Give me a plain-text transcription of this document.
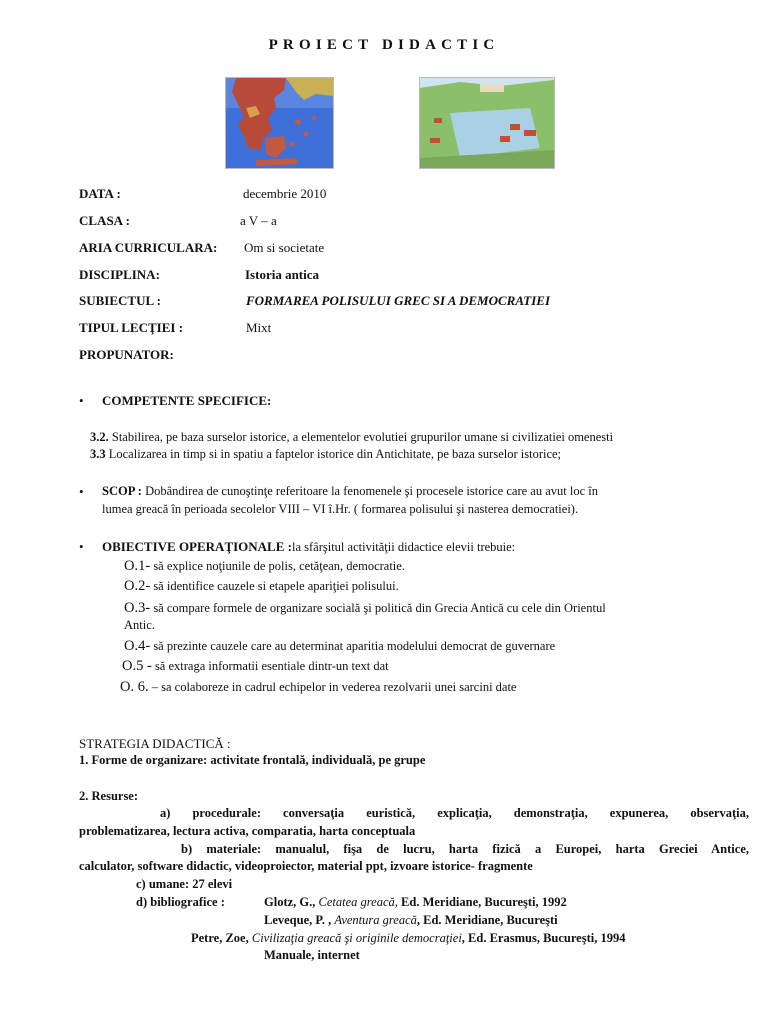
PROIECT DIDACTIC
DATA :	decembrie 2010
CLASA :	a V – a
ARIA CURRICULARA: Om si societate
DISCIPLINA:	Istoria antica
SUBIECTUL :	FORMAREA POLISULUI GREC SI A DEMOCRATIEI
TIPUL LECŢIEI :	Mixt
PROPUNATOR:
• COMPETENTE SPECIFICE:
3.2. Stabilirea, pe baza surselor istorice, a elementelor evolutiei grupurilor umane si civilizatiei omenesti
3.3 Localizarea in timp si in spatiu a faptelor istorice din Antichitate, pe baza surselor istorice;
• SCOP : Dobândirea de cunoştinţe referitoare la fenomenele şi procesele istorice care au avut loc în
lumea greacă în perioada secolelor VIII – VI î.Hr. ( formarea polisului şi nasterea democratiei).
• OBIECTIVE OPERAŢIONALE :la sfârşitul activităţii didactice elevii trebuie:
O.1- să explice noţiunile de polis, cetăţean, democratie.
O.2- să identifice cauzele si etapele apariţiei polisului.
O.3- să compare formele de organizare socială şi politică din Grecia Antică cu cele din Orientul
Antic.
O.4- să prezinte cauzele care au determinat aparitia modelului democrat de guvernare
O.5 - să extraga informatii esentiale dintr-un text dat
O. 6. – sa colaboreze in cadrul echipelor in vederea rezolvarii unei sarcini date
STRATEGIA DIDACTICĂ :
1. Forme de organizare: activitate frontală, individuală, pe grupe
2. Resurse:
a) procedurale: conversaţia euristică, explicaţia, demonstraţia, expunerea, observaţia,
problematizarea, lectura activa, comparatia, harta conceptuala
b) materiale: manualul, fişa de lucru, harta fizică a Europei, harta Greciei Antice,
calculator, software didactic, videoproiector, material ppt, izvoare istorice- fragmente
c) umane: 27 elevi
d) bibliografice :	Glotz, G., Cetatea greacă, Ed. Meridiane, Bucureşti, 1992
Leveque, P. , Aventura greacă, Ed. Meridiane, Bucureşti
Petre, Zoe, Civilizaţia greacă şi originile democraţiei, Ed. Erasmus, Bucureşti, 1994
Manuale, internet
